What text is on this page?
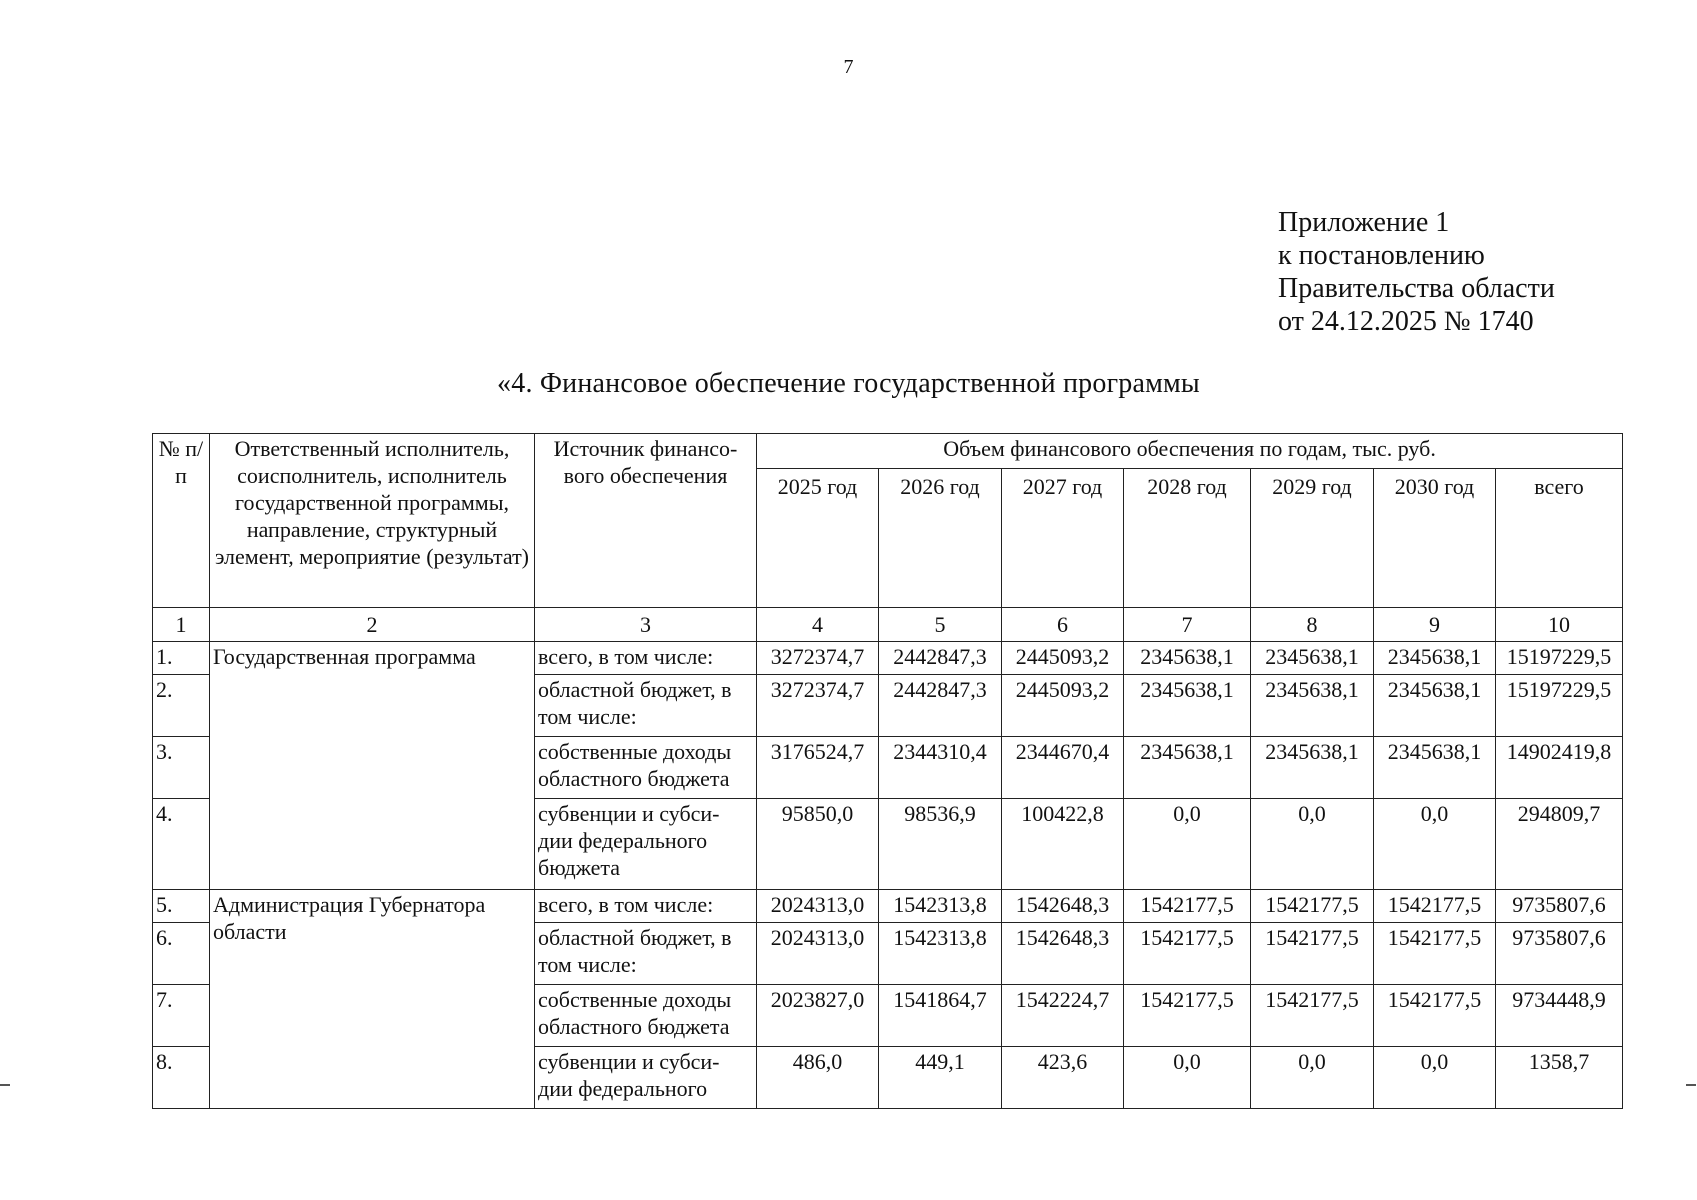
7
Приложение 1
к постановлению
Правительства области
от 24.12.2025 № 1740
«4. Финансовое обеспечение государственной программы
№ п/п	Ответственный исполнитель, соисполнитель, исполнитель государственной программы, направление, структурный элемент, мероприятие (результат)	Источник финансо-вого обеспечения	Объем финансового обеспечения по годам, тыс. руб.						
			2025 год	2026 год	2027 год	2028 год	2029 год	2030 год	всего
1	2	3	4	5	6	7	8	9	10
1.	Государственная программа	всего, в том числе:	3272374,7	2442847,3	2445093,2	2345638,1	2345638,1	2345638,1	15197229,5
2.		областной бюджет, в том числе:	3272374,7	2442847,3	2445093,2	2345638,1	2345638,1	2345638,1	15197229,5
3.		собственные доходы областного бюджета	3176524,7	2344310,4	2344670,4	2345638,1	2345638,1	2345638,1	14902419,8
4.		субвенции и субси-дии федерального бюджета	95850,0	98536,9	100422,8	0,0	0,0	0,0	294809,7
5.	Администрация Губернатора области	всего, в том числе:	2024313,0	1542313,8	1542648,3	1542177,5	1542177,5	1542177,5	9735807,6
6.		областной бюджет, в том числе:	2024313,0	1542313,8	1542648,3	1542177,5	1542177,5	1542177,5	9735807,6
7.		собственные доходы областного бюджета	2023827,0	1541864,7	1542224,7	1542177,5	1542177,5	1542177,5	9734448,9
8.		субвенции и субси-дии федерального	486,0	449,1	423,6	0,0	0,0	0,0	1358,7
